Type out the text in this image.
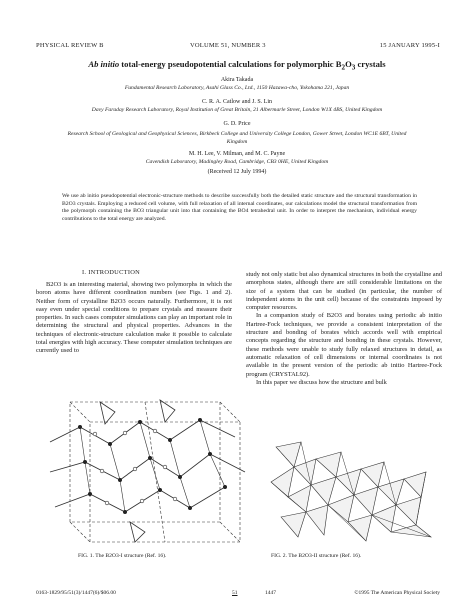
PHYSICAL REVIEW B	VOLUME 51, NUMBER 3	15 JANUARY 1995-I
Ab initio total-energy pseudopotential calculations for polymorphic $B_2O_3$ crystals
Akira Takada
Fundamental Research Laboratory, Asahi Glass Co., Ltd., 1150 Hazawa-cho, Yokohama 221, Japan
C. R. A. Catlow and J. S. Lin
Davy Faraday Research Laboratory, Royal Institution of Great Britain, 21 Albermarle Street, London W1X 4BS, United Kingdom
G. D. Price
Research School of Geological and Geophysical Sciences, Birkbeck College and University College London, Gower Street, London WC1E 6BT, United Kingdom
M. H. Lee, V. Milman, and M. C. Payne
Cavendish Laboratory, Madingley Road, Cambridge, CB3 0HE, United Kingdom
(Received 12 July 1994)

We use ab initio pseudopotential electronic-structure methods to describe successfully both the detailed static structure and the structural transformation in B2O3 crystals. Employing a reduced cell volume, with full relaxation of all internal coordinates, our calculations model the structural transformation from the polymorph containing the BO3 triangular unit into that containing the BO4 tetrahedral unit. In order to interpret the mechanism, individual energy contributions to the total energy are analyzed.

I. INTRODUCTION

B2O3 is an interesting material, showing two polymorphs in which the boron atoms have different coordination numbers (see Figs. 1 and 2). Neither form of crystalline B2O3 occurs naturally. Furthermore, it is not easy even under special conditions to prepare crystals and measure their properties. In such cases computer simulations can play an important role in determining the structural and physical properties. Advances in the techniques of electronic-structure calculation make it possible to calculate total energies with high accuracy. These computer simulation techniques are currently used to

study not only static but also dynamical structures in both the crystalline and amorphous states, although there are still considerable limitations on the size of a system that can be studied (in particular, the number of independent atoms in the unit cell) because of the constraints imposed by computer resources.

In a companion study of B2O3 and borates using periodic ab initio Hartree-Fock techniques, we provide a consistent interpretation of the structure and bonding of borates which accords well with empirical concepts regarding the structure and bonding in these crystals. However, these methods were unable to study fully relaxed structures in detail, as automatic relaxation of cell dimensions or internal coordinates is not available in the present version of the periodic ab initio Hartree-Fock program (CRYSTAL92).

In this paper we discuss how the structure and bulk

FIG. 1. The B2O3-I structure (Ref. 16).	FIG. 2. The B2O3-II structure (Ref. 16).
0163-1829/95/51(3)/1447(6)/$06.00	51	1447	©1995 The American Physical Society
